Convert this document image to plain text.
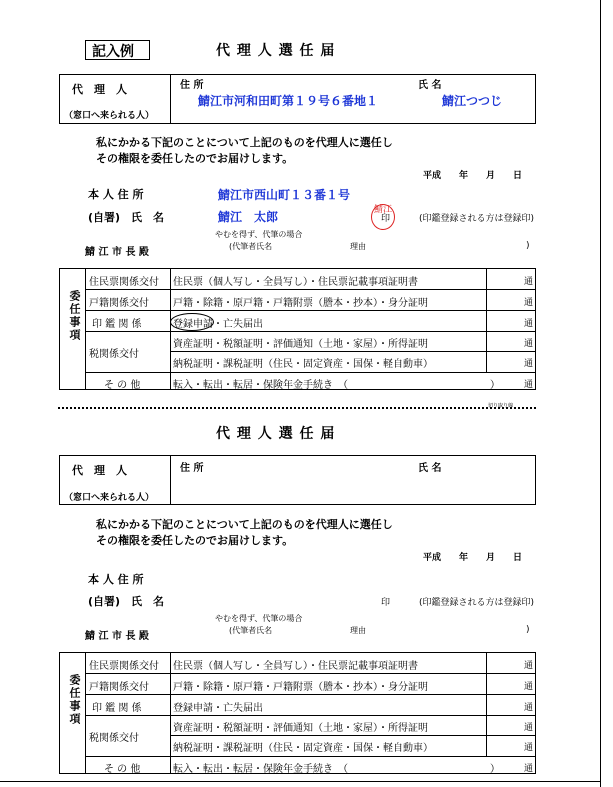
記入例	代 理 人 選 任 届
代　理　人
（窓口へ来られる人）
住 所	氏 名
鯖江市河和田町第１９号６番地１	鯖江つつじ
私にかかる下記のことについて上記のものを代理人に選任し
その権限を委任したのでお届けします。
平成　　年　　月　　日
本 人 住 所	鯖江市西山町１３番１号
(自署)　氏　名	鯖江　太郎	鯖江
印	(印鑑登録される方は登録印)
やむを得ず、代筆の場合
(代筆者氏名	理由	)
鯖 江 市 長 殿
委任事項
住民票関係交付 住民票（個人写し・全員写し）・住民票記載事項証明書	通
戸籍関係交付 戸籍・除籍・原戸籍・戸籍附票（謄本・抄本）・身分証明	通
印 鑑 関 係	登録申請・亡失届出	通
税関係交付
資産証明・税額証明・評価通知（土地・家屋）・所得証明	通
納税証明・課税証明（住民・固定資産・国保・軽自動車）	通
そ の 他	転入・転出・転居・保険年金手続き　（	）	通
切り取り線
代 理 人 選 任 届
代　理　人
（窓口へ来られる人）
住 所	氏 名
私にかかる下記のことについて上記のものを代理人に選任し
その権限を委任したのでお届けします。
平成　　年　　月　　日
本 人 住 所
(自署)　氏　名	印	(印鑑登録される方は登録印)
やむを得ず、代筆の場合
(代筆者氏名	理由	)
鯖 江 市 長 殿
委任事項
住民票関係交付 住民票（個人写し・全員写し）・住民票記載事項証明書	通
戸籍関係交付 戸籍・除籍・原戸籍・戸籍附票（謄本・抄本）・身分証明	通
印 鑑 関 係	登録申請・亡失届出	通
税関係交付
資産証明・税額証明・評価通知（土地・家屋）・所得証明	通
納税証明・課税証明（住民・固定資産・国保・軽自動車）	通
そ の 他	転入・転出・転居・保険年金手続き　（	）	通
